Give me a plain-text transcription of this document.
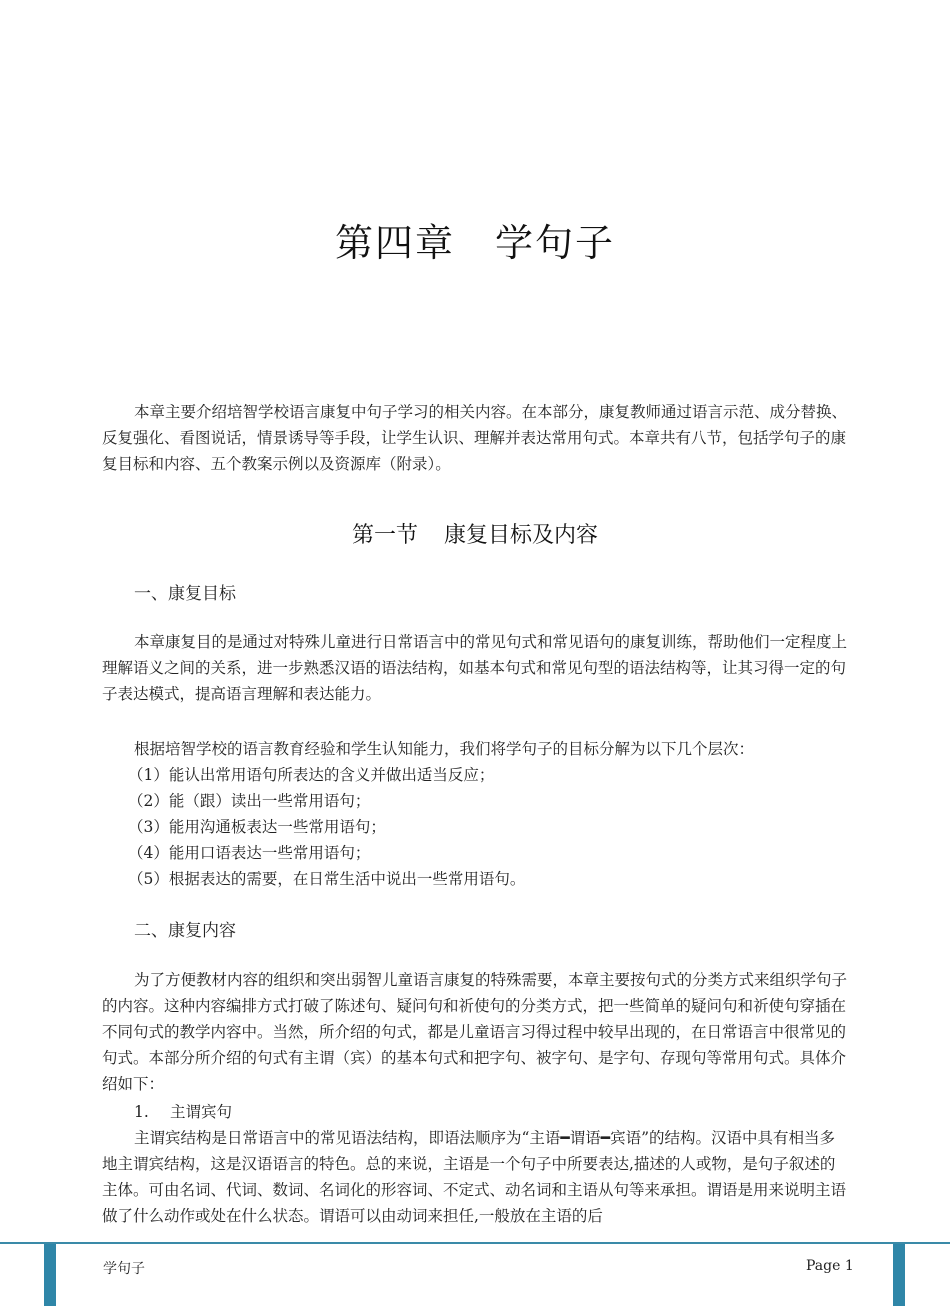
第四章 学句子

本章主要介绍培智学校语言康复中句子学习的相关内容。在本部分，康复教师通过语言示范、成分替换、反复强化、看图说话，情景诱导等手段，让学生认识、理解并表达常用句式。本章共有八节，包括学句子的康复目标和内容、五个教案示例以及资源库（附录）。

第一节 康复目标及内容

一、康复目标

本章康复目的是通过对特殊儿童进行日常语言中的常见句式和常见语句的康复训练，帮助他们一定程度上理解语义之间的关系，进一步熟悉汉语的语法结构，如基本句式和常见句型的语法结构等，让其习得一定的句子表达模式，提高语言理解和表达能力。

根据培智学校的语言教育经验和学生认知能力，我们将学句子的目标分解为以下几个层次：

（1）能认出常用语句所表达的含义并做出适当反应；
（2）能（跟）读出一些常用语句；
（3）能用沟通板表达一些常用语句；
（4）能用口语表达一些常用语句；
（5）根据表达的需要，在日常生活中说出一些常用语句。

二、康复内容

为了方便教材内容的组织和突出弱智儿童语言康复的特殊需要，本章主要按句式的分类方式来组织学句子的内容。这种内容编排方式打破了陈述句、疑问句和祈使句的分类方式，把一些简单的疑问句和祈使句穿插在不同句式的教学内容中。当然，所介绍的句式，都是儿童语言习得过程中较早出现的，在日常语言中很常见的句式。本部分所介绍的句式有主谓（宾）的基本句式和把字句、被字句、是字句、存现句等常用句式。具体介绍如下：

1. 主谓宾句

主谓宾结构是日常语言中的常见语法结构，即语法顺序为“主语━谓语━宾语”的结构。汉语中具有相当多地主谓宾结构，这是汉语语言的特色。总的来说，主语是一个句子中所要表达,描述的人或物，是句子叙述的主体。可由名词、代词、数词、名词化的形容词、不定式、动名词和主语从句等来承担。谓语是用来说明主语做了什么动作或处在什么状态。谓语可以由动词来担任,一般放在主语的后

学句子	Page 1
